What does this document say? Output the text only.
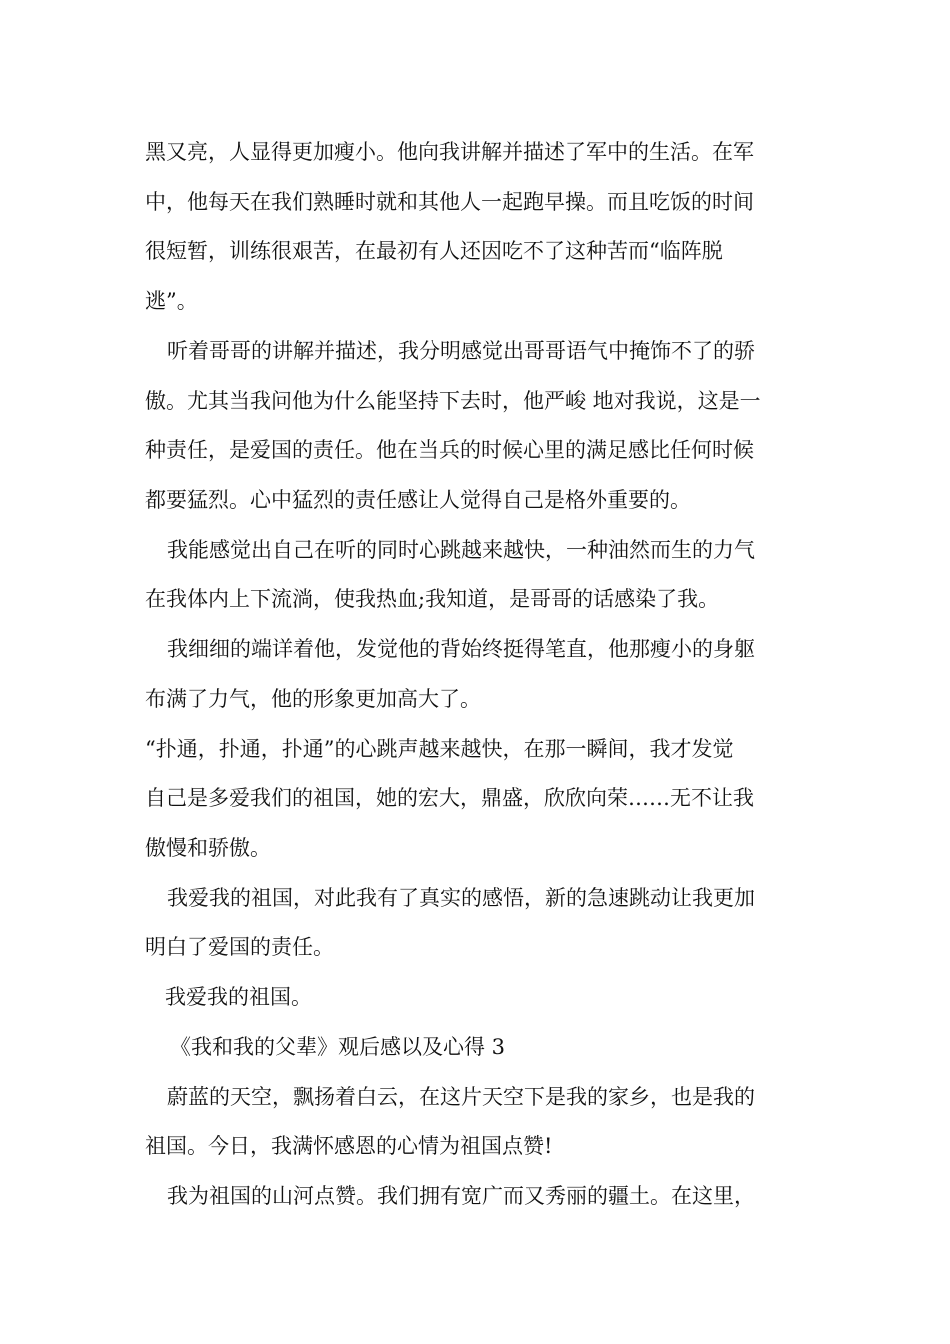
黑又亮，人显得更加瘦小。他向我讲解并描述了军中的生活。在军
中，他每天在我们熟睡时就和其他人一起跑早操。而且吃饭的时间
很短暂，训练很艰苦，在最初有人还因吃不了这种苦而“临阵脱
逃”。
听着哥哥的讲解并描述，我分明感觉出哥哥语气中掩饰不了的骄
傲。尤其当我问他为什么能坚持下去时，他严峻 地对我说，这是一
种责任，是爱国的责任。他在当兵的时候心里的满足感比任何时候
都要猛烈。心中猛烈的责任感让人觉得自己是格外重要的。
我能感觉出自己在听的同时心跳越来越快，一种油然而生的力气
在我体内上下流淌，使我热血;我知道，是哥哥的话感染了我。
我细细的端详着他，发觉他的背始终挺得笔直，他那瘦小的身躯
布满了力气，他的形象更加高大了。
“扑通，扑通，扑通”的心跳声越来越快，在那一瞬间，我才发觉
自己是多爱我们的祖国，她的宏大，鼎盛，欣欣向荣……无不让我
傲慢和骄傲。
我爱我的祖国，对此我有了真实的感悟，新的急速跳动让我更加
明白了爱国的责任。
我爱我的祖国。
《我和我的父辈》观后感以及心得 3
蔚蓝的天空，飘扬着白云，在这片天空下是我的家乡，也是我的
祖国。今日，我满怀感恩的心情为祖国点赞!
我为祖国的山河点赞。我们拥有宽广而又秀丽的疆土。在这里，
